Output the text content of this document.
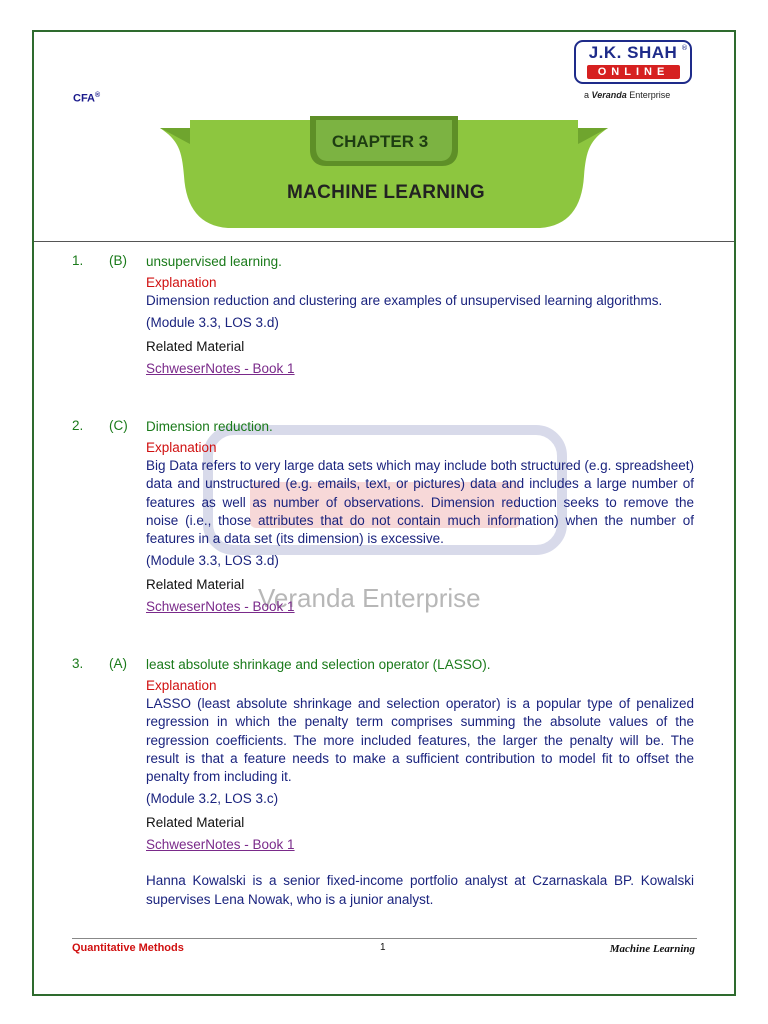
CFA®
J.K. SHAH
ONLINE
®
a Veranda Enterprise
CHAPTER 3
MACHINE LEARNING
Veranda Enterprise
1. (B) unsupervised learning.

Explanation

Dimension reduction and clustering are examples of unsupervised learning algorithms.

(Module 3.3, LOS 3.d)

Related Material

SchweserNotes - Book 1
2. (C) Dimension reduction.

Explanation

Big Data refers to very large data sets which may include both structured (e.g. spreadsheet) data and unstructured (e.g. emails, text, or pictures) data and includes a large number of features as well as number of observations. Dimension reduction seeks to remove the noise (i.e., those attributes that do not contain much information) when the number of features in a data set (its dimension) is excessive.

(Module 3.3, LOS 3.d)

Related Material

SchweserNotes - Book 1
3. (A) least absolute shrinkage and selection operator (LASSO).

Explanation

LASSO (least absolute shrinkage and selection operator) is a popular type of penalized regression in which the penalty term comprises summing the absolute values of the regression coefficients. The more included features, the larger the penalty will be. The result is that a feature needs to make a sufficient contribution to model fit to offset the penalty from including it.

(Module 3.2, LOS 3.c)

Related Material

SchweserNotes - Book 1

Hanna Kowalski is a senior fixed-income portfolio analyst at Czarnaskala BP. Kowalski supervises Lena Nowak, who is a junior analyst.

Quantitative Methods	1	Machine Learning
